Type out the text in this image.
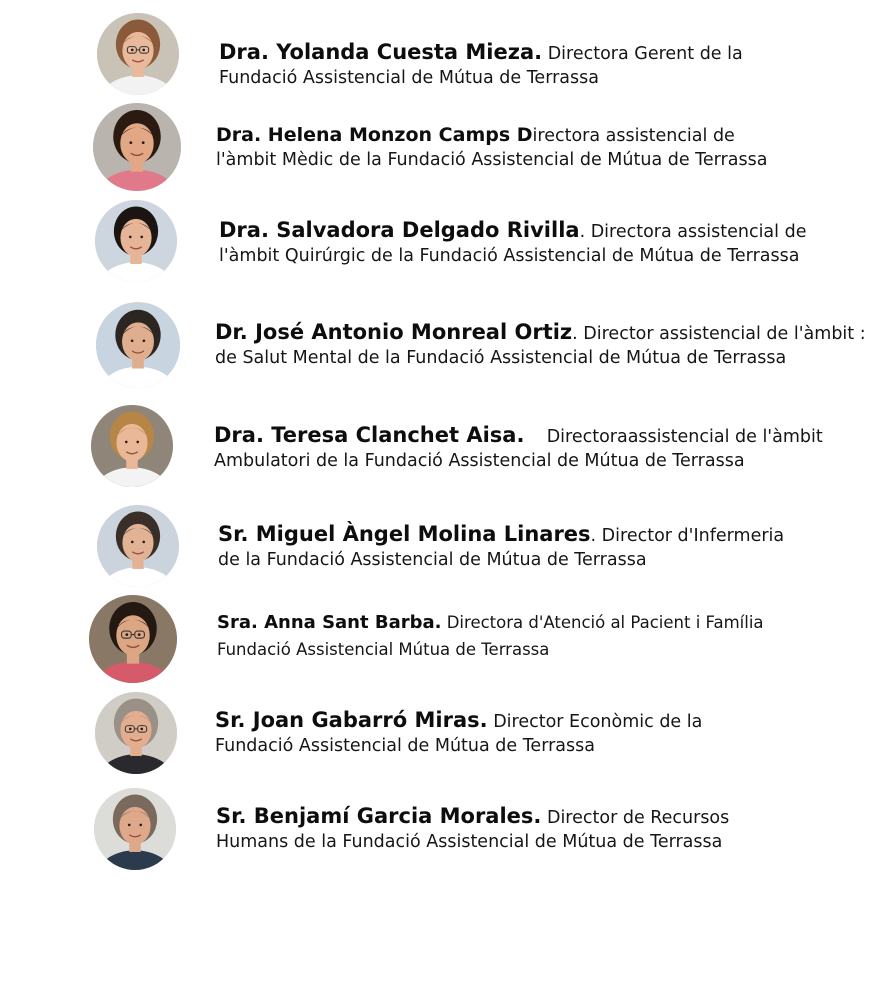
Dra. Yolanda Cuesta Mieza. Directora Gerent de la
Fundació Assistencial de Mútua de Terrassa
Dra. Helena Monzon Camps Directora assistencial de
l'àmbit Mèdic de la Fundació Assistencial de Mútua de Terrassa
Dra. Salvadora Delgado Rivilla. Directora assistencial de
l'àmbit Quirúrgic de la Fundació Assistencial de Mútua de Terrassa
Dr. José Antonio Monreal Ortiz. Director assistencial de l'àmbit :
de Salut Mental de la Fundació Assistencial de Mútua de Terrassa
Dra. Teresa Clanchet Aisa.    Directoraassistencial de l'àmbit
Ambulatori de la Fundació Assistencial de Mútua de Terrassa
Sr. Miguel Àngel Molina Linares. Director d'Infermeria
de la Fundació Assistencial de Mútua de Terrassa
Sra. Anna Sant Barba. Directora d'Atenció al Pacient i Família
Fundació Assistencial Mútua de Terrassa
Sr. Joan Gabarró Miras. Director Econòmic de la
Fundació Assistencial de Mútua de Terrassa
Sr. Benjamí Garcia Morales. Director de Recursos
Humans de la Fundació Assistencial de Mútua de Terrassa
